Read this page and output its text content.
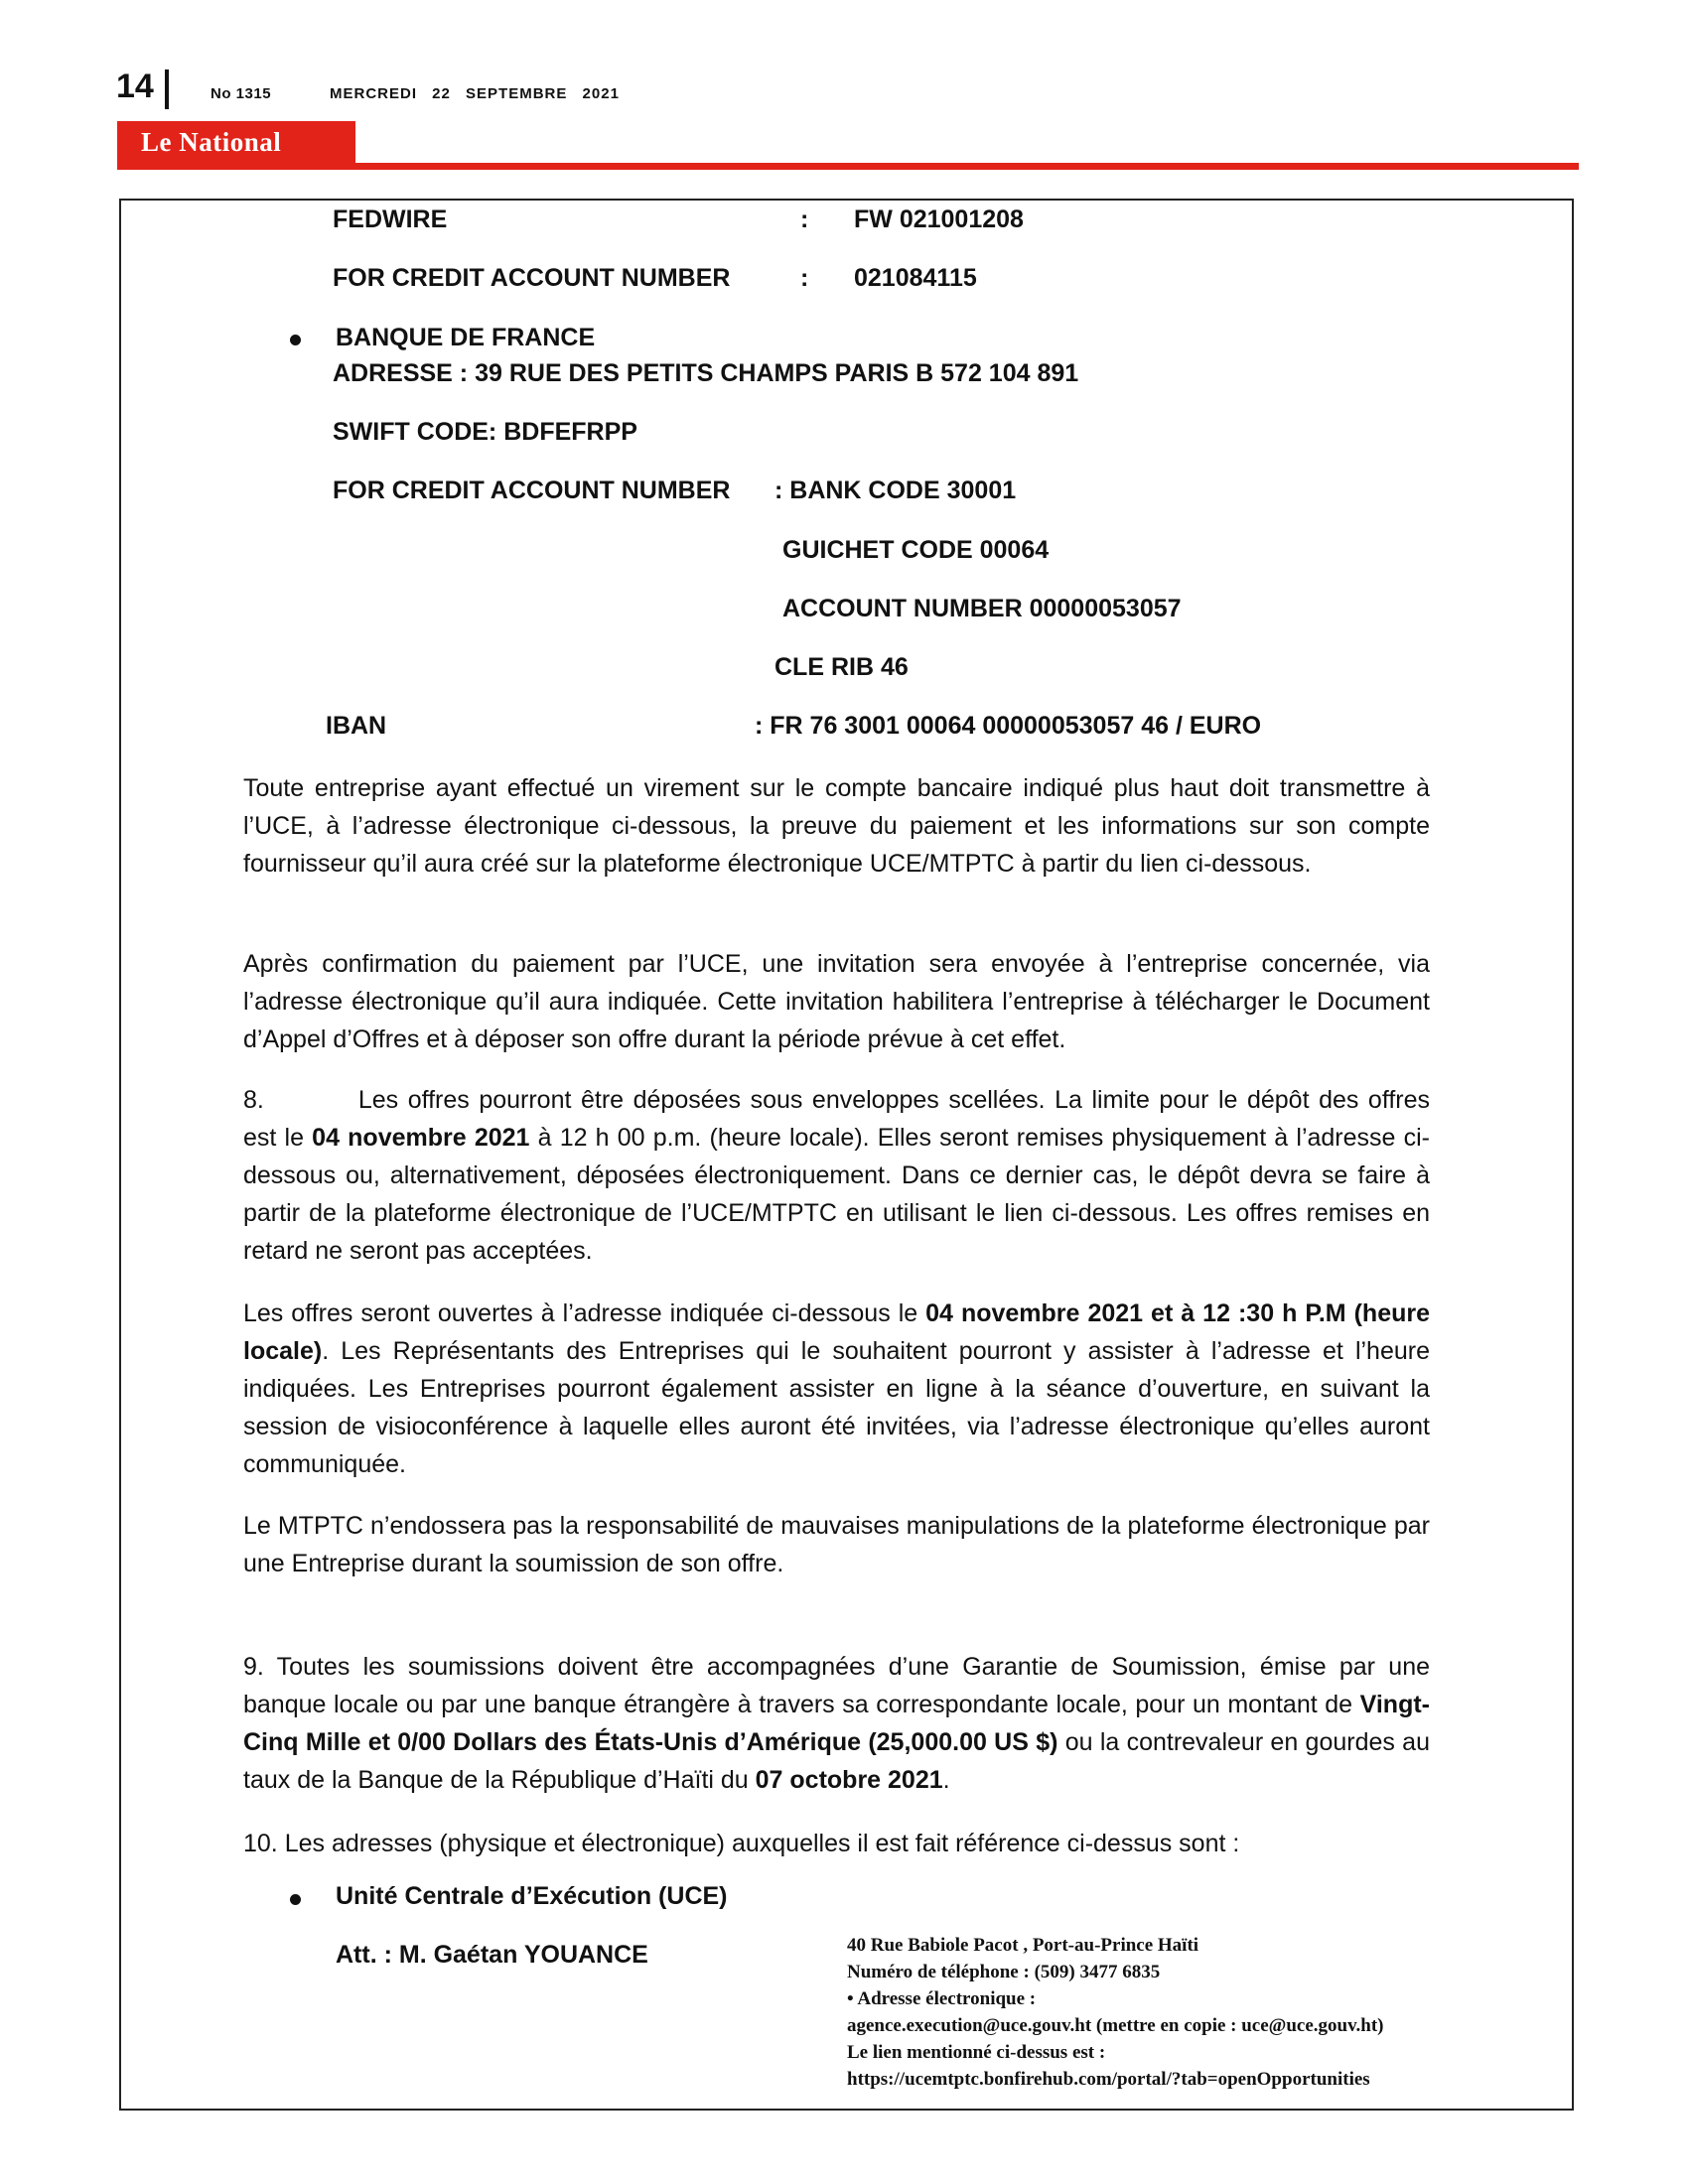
14	No 1315	MERCREDI 22 SEPTEMBRE 2021
Le National
FEDWIRE	: FW 021001208
FOR CREDIT ACCOUNT NUMBER	: 021084115
BANQUE DE FRANCE
ADRESSE : 39 RUE DES PETITS CHAMPS PARIS B 572 104 891
SWIFT CODE: BDFEFRPP
FOR CREDIT ACCOUNT NUMBER : BANK CODE 30001
GUICHET CODE 00064
ACCOUNT NUMBER 00000053057
CLE RIB 46
IBAN	: FR 76 3001 00064 00000053057 46 / EURO

Toute entreprise ayant effectué un virement sur le compte bancaire indiqué plus haut doit transmettre à l’UCE, à l’adresse électronique ci-dessous, la preuve du paiement et les informations sur son compte fournisseur qu’il aura créé sur la plateforme électronique UCE/MTPTC à partir du lien ci-dessous.

Après confirmation du paiement par l’UCE, une invitation sera envoyée à l’entreprise concernée, via l’adresse électronique qu’il aura indiquée. Cette invitation habilitera l’entreprise à télécharger le Document d’Appel d’Offres et à déposer son offre durant la période prévue à cet effet.

8.	Les offres pourront être déposées sous enveloppes scellées. La limite pour le dépôt des offres est le 04 novembre 2021 à 12 h 00 p.m. (heure locale). Elles seront remises physiquement à l’adresse ci-dessous ou, alternativement, déposées électroniquement. Dans ce dernier cas, le dépôt devra se faire à partir de la plateforme électronique de l’UCE/MTPTC en utilisant le lien ci-dessous. Les offres remises en retard ne seront pas acceptées.

Les offres seront ouvertes à l’adresse indiquée ci-dessous le 04 novembre 2021 et à 12 :30 h P.M (heure locale). Les Représentants des Entreprises qui le souhaitent pourront y assister à l’adresse et l’heure indiquées. Les Entreprises pourront également assister en ligne à la séance d’ouverture, en suivant la session de visioconférence à laquelle elles auront été invitées, via l’adresse électronique qu’elles auront communiquée.

Le MTPTC n’endossera pas la responsabilité de mauvaises manipulations de la plateforme électronique par une Entreprise durant la soumission de son offre.

9. Toutes les soumissions doivent être accompagnées d’une Garantie de Soumission, émise par une banque locale ou par une banque étrangère à travers sa correspondante locale, pour un montant de Vingt-Cinq Mille et 0/00 Dollars des États-Unis d’Amérique (25,000.00 US $) ou la contrevaleur en gourdes au taux de la Banque de la République d’Haïti du 07 octobre 2021.

10. Les adresses (physique et électronique) auxquelles il est fait référence ci-dessus sont :

Unité Centrale d’Exécution (UCE)
Att. : M. Gaétan YOUANCE	40 Rue Babiole Pacot , Port-au-Prince Haïti
Numéro de téléphone : (509) 3477 6835
• Adresse électronique :
agence.execution@uce.gouv.ht (mettre en copie : uce@uce.gouv.ht)
Le lien mentionné ci-dessus est :
https://ucemtptc.bonfirehub.com/portal/?tab=openOpportunities
